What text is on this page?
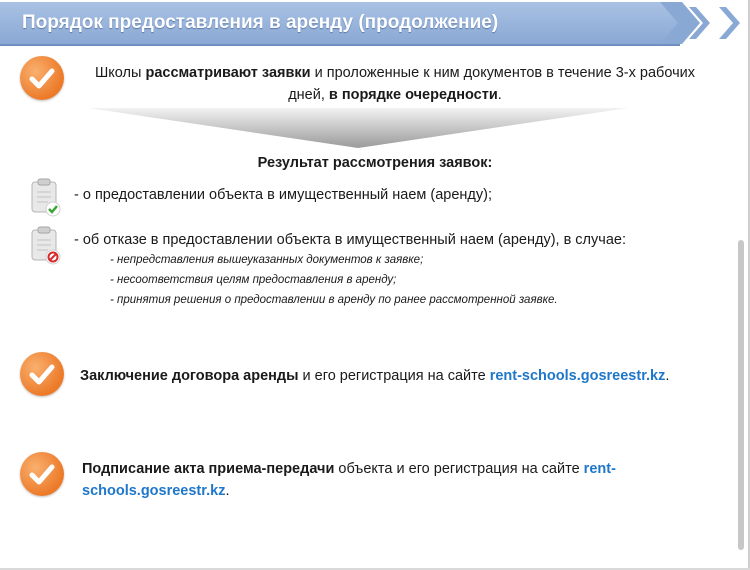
Порядок предоставления в аренду (продолжение)
Школы рассматривают заявки и проложенные к ним документов в течение 3-х рабочих
дней, в порядке очередности.
Результат рассмотрения заявок:
- о предоставлении объекта в имущественный наем (аренду);
- об отказе в предоставлении объекта в имущественный наем (аренду), в случае:
- непредставления вышеуказанных документов к заявке;
- несоответствия целям предоставления в аренду;
- принятия решения о предоставлении в аренду по ранее рассмотренной заявке.
Заключение договора аренды и его регистрация на сайте rent-schools.gosreestr.kz.
Подписание акта приема-передачи объекта и его регистрация на сайте rent-
schools.gosreestr.kz.
